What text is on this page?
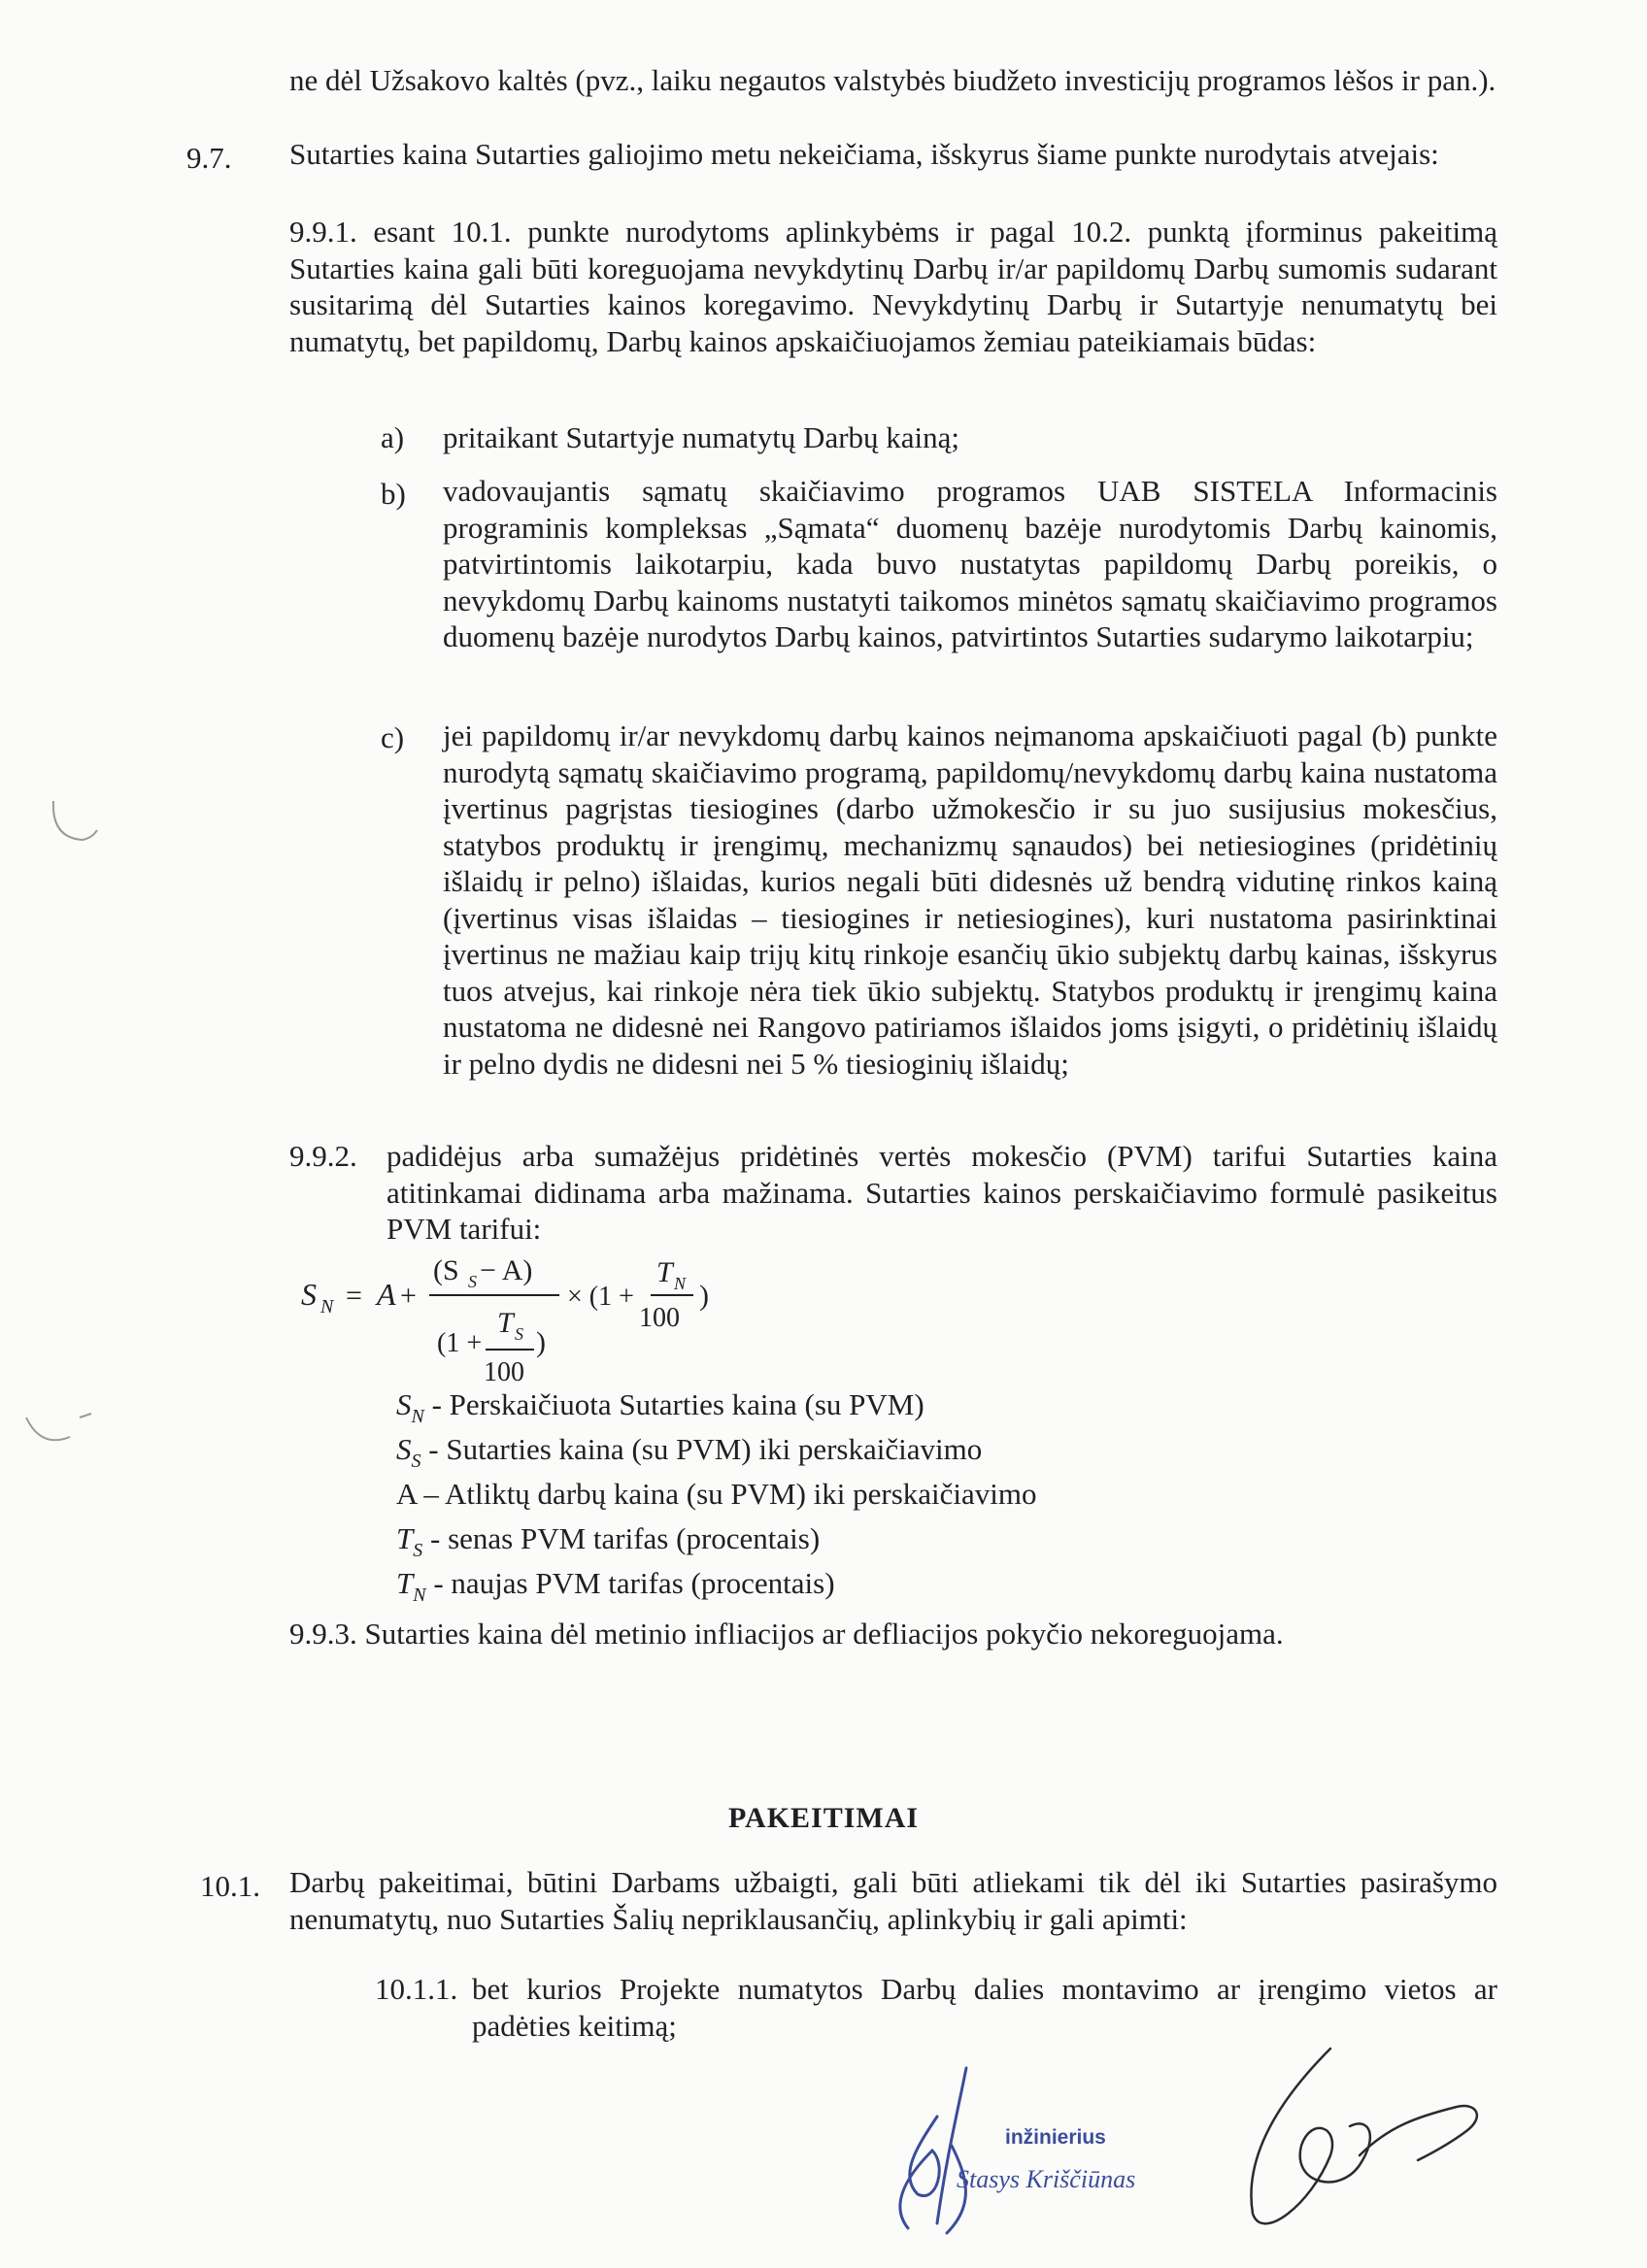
ne dėl Užsakovo kaltės (pvz., laiku negautos valstybės biudžeto investicijų programos lėšos ir pan.).
9.7. Sutarties kaina Sutarties galiojimo metu nekeičiama, išskyrus šiame punkte nurodytais atvejais:
9.9.1. esant 10.1. punkte nurodytoms aplinkybėms ir pagal 10.2. punktą įforminus pakeitimą Sutarties kaina gali būti koreguojama nevykdytinų Darbų ir/ar papildomų Darbų sumomis sudarant susitarimą dėl Sutarties kainos koregavimo. Nevykdytinų Darbų ir Sutartyje nenumatytų bei numatytų, bet papildomų, Darbų kainos apskaičiuojamos žemiau pateikiamais būdas:
a) pritaikant Sutartyje numatytų Darbų kainą;
b) vadovaujantis sąmatų skaičiavimo programos UAB SISTELA Informacinis programinis kompleksas „Sąmata“ duomenų bazėje nurodytomis Darbų kainomis, patvirtintomis laikotarpiu, kada buvo nustatytas papildomų Darbų poreikis, o nevykdomų Darbų kainoms nustatyti taikomos minėtos sąmatų skaičiavimo programos duomenų bazėje nurodytos Darbų kainos, patvirtintos Sutarties sudarymo laikotarpiu;
c) jei papildomų ir/ar nevykdomų darbų kainos neįmanoma apskaičiuoti pagal (b) punkte nurodytą sąmatų skaičiavimo programą, papildomų/nevykdomų darbų kaina nustatoma įvertinus pagrįstas tiesiogines (darbo užmokesčio ir su juo susijusius mokesčius, statybos produktų ir įrengimų, mechanizmų sąnaudos) bei netiesiogines (pridėtinių išlaidų ir pelno) išlaidas, kurios negali būti didesnės už bendrą vidutinę rinkos kainą (įvertinus visas išlaidas – tiesiogines ir netiesiogines), kuri nustatoma pasirinktinai įvertinus ne mažiau kaip trijų kitų rinkoje esančių ūkio subjektų darbų kainas, išskyrus tuos atvejus, kai rinkoje nėra tiek ūkio subjektų. Statybos produktų ir įrengimų kaina nustatoma ne didesnė nei Rangovo patiriamos išlaidos joms įsigyti, o pridėtinių išlaidų ir pelno dydis ne didesni nei 5 % tiesioginių išlaidų;
9.9.2. padidėjus arba sumažėjus pridėtinės vertės mokesčio (PVM) tarifui Sutarties kaina atitinkamai didinama arba mažinama. Sutarties kainos perskaičiavimo formulė pasikeitus PVM tarifui:
S N = A +
(S S − A)
× (1 +
T N
100
)
(1 +
T S )
100
$S_N$ - Perskaičiuota Sutarties kaina (su PVM)
$S_S$ - Sutarties kaina (su PVM) iki perskaičiavimo
A – Atliktų darbų kaina (su PVM) iki perskaičiavimo
$T_S$ - senas PVM tarifas (procentais)
$T_N$ - naujas PVM tarifas (procentais)
9.9.3. Sutarties kaina dėl metinio infliacijos ar defliacijos pokyčio nekoreguojama.
PAKEITIMAI
10.1. Darbų pakeitimai, būtini Darbams užbaigti, gali būti atliekami tik dėl iki Sutarties pasirašymo nenumatytų, nuo Sutarties Šalių nepriklausančių, aplinkybių ir gali apimti:
10.1.1. bet kurios Projekte numatytos Darbų dalies montavimo ar įrengimo vietos ar padėties keitimą;
inžinierius
Stasys Kriščiūnas
